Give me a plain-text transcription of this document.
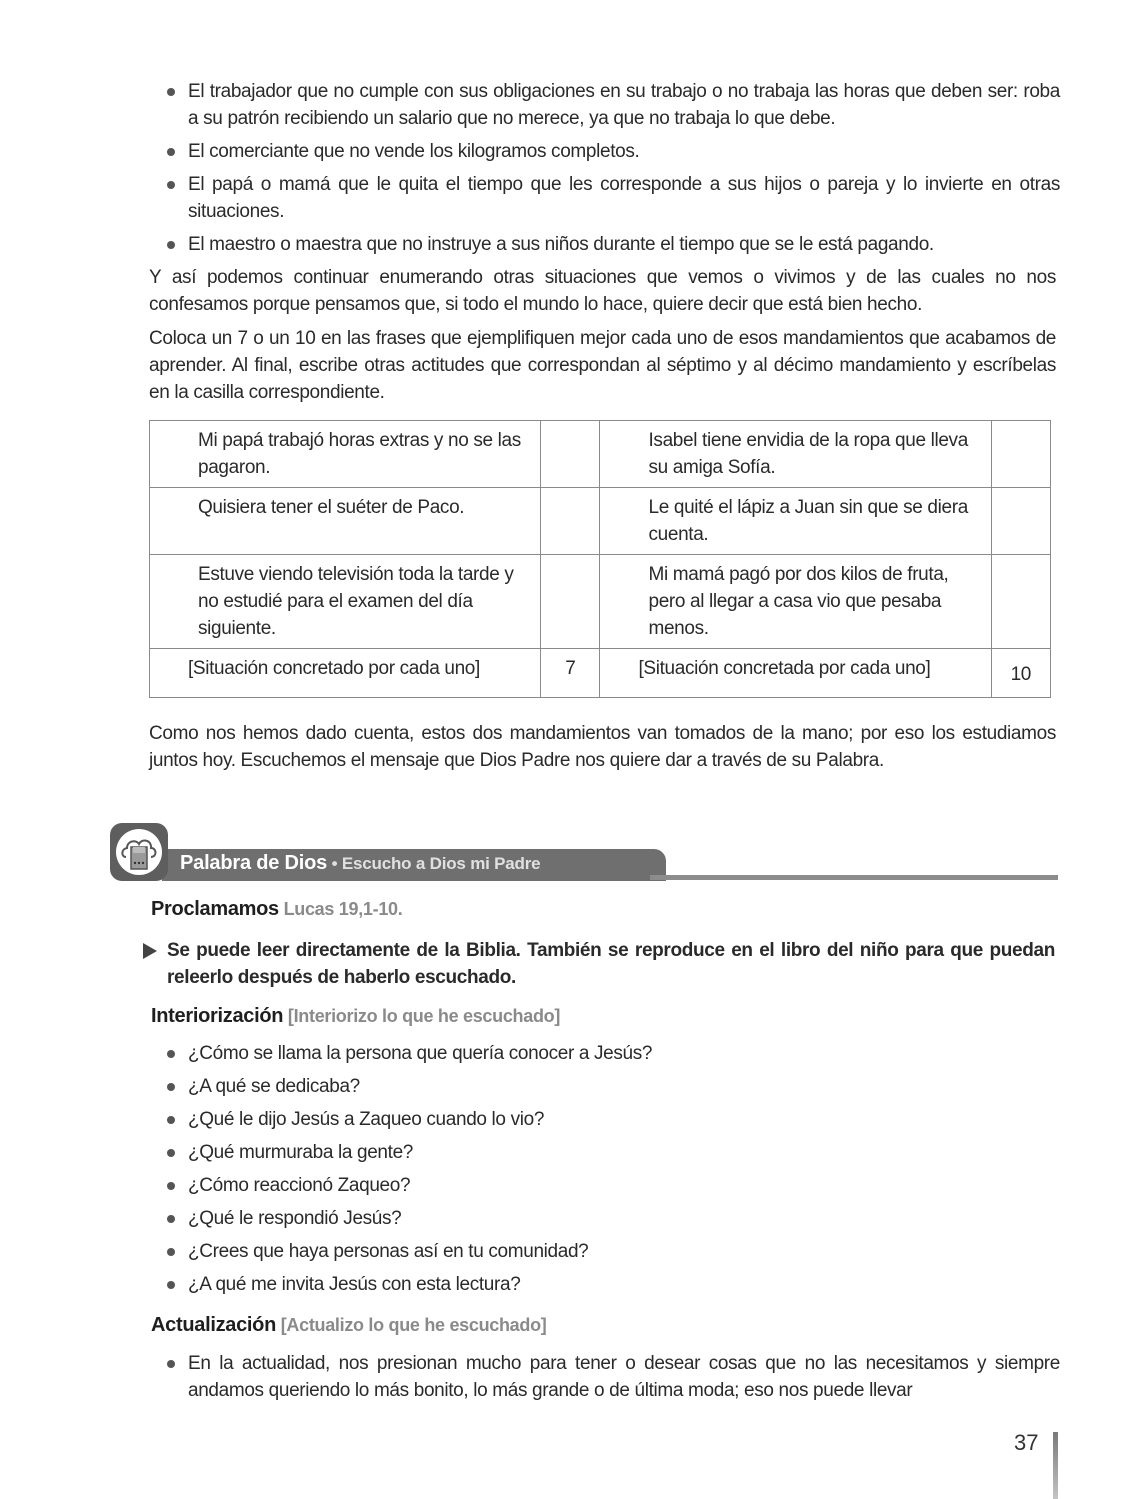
El trabajador que no cumple con sus obligaciones en su trabajo o no trabaja las horas que deben ser: roba a su patrón recibiendo un salario que no merece, ya que no trabaja lo que debe.
El comerciante que no vende los kilogramos completos.
El papá o mamá que le quita el tiempo que les corresponde a sus hijos o pareja y lo invierte en otras situaciones.
El maestro o maestra que no instruye a sus niños durante el tiempo que se le está pagando.

Y así podemos continuar enumerando otras situaciones que vemos o vivimos y de las cuales no nos confesamos porque pensamos que, si todo el mundo lo hace, quiere decir que está bien hecho.

Coloca un 7 o un 10 en las frases que ejemplifiquen mejor cada uno de esos mandamientos que acabamos de aprender. Al final, escribe otras actitudes que correspondan al séptimo y al décimo mandamiento y escríbelas en la casilla correspondiente.

Mi papá trabajó horas extras y no se las pagaron.		Isabel tiene envidia de la ropa que lleva su amiga Sofía.	
Quisiera tener el suéter de Paco.		Le quité el lápiz a Juan sin que se diera cuenta.	
Estuve viendo televisión toda la tarde y no estudié para el examen del día siguiente.		Mi mamá pagó por dos kilos de fruta, pero al llegar a casa vio que pesaba menos.	
[Situación concretado por cada uno]	7	[Situación concretada por cada uno]	10

Como nos hemos dado cuenta, estos dos mandamientos van tomados de la mano; por eso los estudiamos juntos hoy. Escuchemos el mensaje que Dios Padre nos quiere dar a través de su Palabra.

Palabra de Dios • Escucho a Dios mi Padre
Proclamamos Lucas 19,1-10.
Se puede leer directamente de la Biblia. También se reproduce en el libro del niño para que puedan releerlo después de haberlo escuchado.
Interiorización [Interiorizo lo que he escuchado]
¿Cómo se llama la persona que quería conocer a Jesús?
¿A qué se dedicaba?
¿Qué le dijo Jesús a Zaqueo cuando lo vio?
¿Qué murmuraba la gente?
¿Cómo reaccionó Zaqueo?
¿Qué le respondió Jesús?
¿Crees que haya personas así en tu comunidad?
¿A qué me invita Jesús con esta lectura?
Actualización [Actualizo lo que he escuchado]
En la actualidad, nos presionan mucho para tener o desear cosas que no las necesitamos y siempre andamos queriendo lo más bonito, lo más grande o de última moda; eso nos puede llevar
37
